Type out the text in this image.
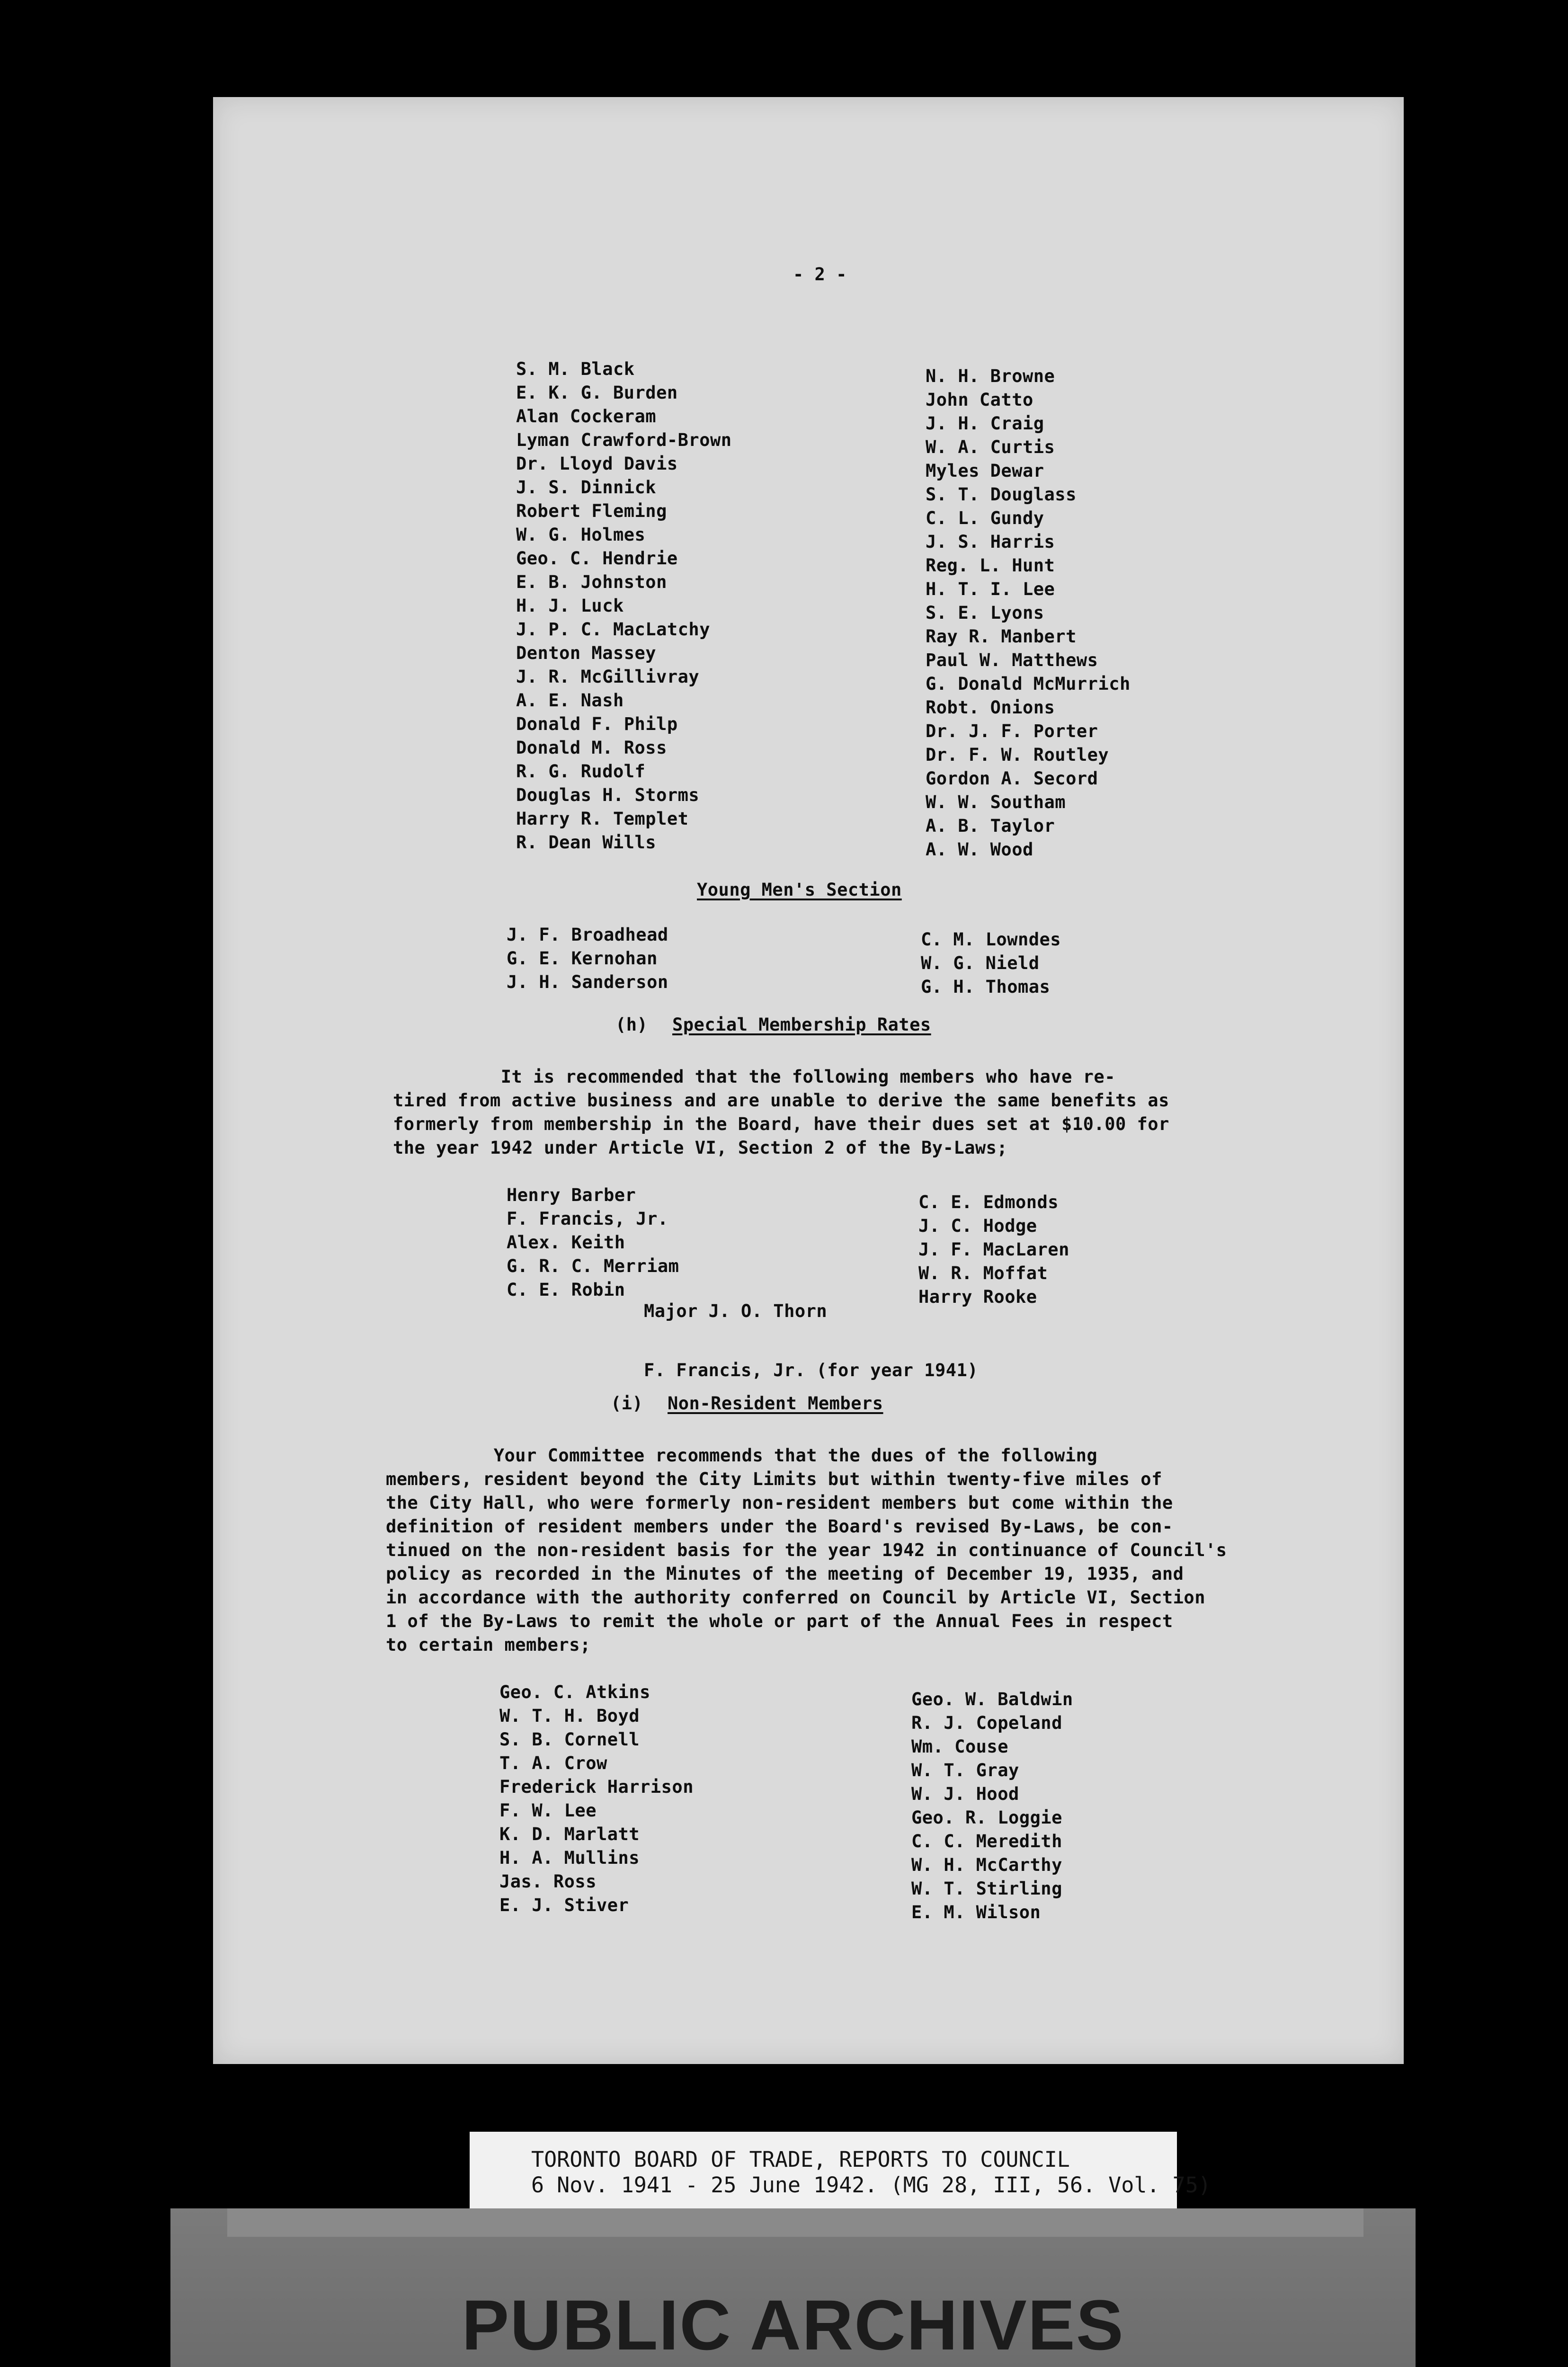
- 2 -
S. M. Black
E. K. G. Burden
Alan Cockeram
Lyman Crawford-Brown
Dr. Lloyd Davis
J. S. Dinnick
Robert Fleming
W. G. Holmes
Geo. C. Hendrie
E. B. Johnston
H. J. Luck
J. P. C. MacLatchy
Denton Massey
J. R. McGillivray
A. E. Nash
Donald F. Philp
Donald M. Ross
R. G. Rudolf
Douglas H. Storms
Harry R. Templet
R. Dean Wills
N. H. Browne
John Catto
J. H. Craig
W. A. Curtis
Myles Dewar
S. T. Douglass
C. L. Gundy
J. S. Harris
Reg. L. Hunt
H. T. I. Lee
S. E. Lyons
Ray R. Manbert
Paul W. Matthews
G. Donald McMurrich
Robt. Onions
Dr. J. F. Porter
Dr. F. W. Routley
Gordon A. Secord
W. W. Southam
A. B. Taylor
A. W. Wood
Young Men's Section
J. F. Broadhead
G. E. Kernohan
J. H. Sanderson
C. M. Lowndes
W. G. Nield
G. H. Thomas
(h) Special Membership Rates
It is recommended that the following members who have re-
tired from active business and are unable to derive the same benefits as
formerly from membership in the Board, have their dues set at $10.00 for
the year 1942 under Article VI, Section 2 of the By-Laws;
Henry Barber
F. Francis, Jr.
Alex. Keith
G. R. C. Merriam
C. E. Robin
C. E. Edmonds
J. C. Hodge
J. F. MacLaren
W. R. Moffat
Harry Rooke
Major J. O. Thorn
F. Francis, Jr. (for year 1941)
(i) Non-Resident Members
Your Committee recommends that the dues of the following
members, resident beyond the City Limits but within twenty-five miles of
the City Hall, who were formerly non-resident members but come within the
definition of resident members under the Board's revised By-Laws, be con-
tinued on the non-resident basis for the year 1942 in continuance of Council's
policy as recorded in the Minutes of the meeting of December 19, 1935, and
in accordance with the authority conferred on Council by Article VI, Section
1 of the By-Laws to remit the whole or part of the Annual Fees in respect
to certain members;
Geo. C. Atkins
W. T. H. Boyd
S. B. Cornell
T. A. Crow
Frederick Harrison
F. W. Lee
K. D. Marlatt
H. A. Mullins
Jas. Ross
E. J. Stiver
Geo. W. Baldwin
R. J. Copeland
Wm. Couse
W. T. Gray
W. J. Hood
Geo. R. Loggie
C. C. Meredith
W. H. McCarthy
W. T. Stirling
E. M. Wilson
TORONTO BOARD OF TRADE, REPORTS TO COUNCIL
6 Nov. 1941 - 25 June 1942. (MG 28, III, 56. Vol. 75)
PUBLIC ARCHIVES
